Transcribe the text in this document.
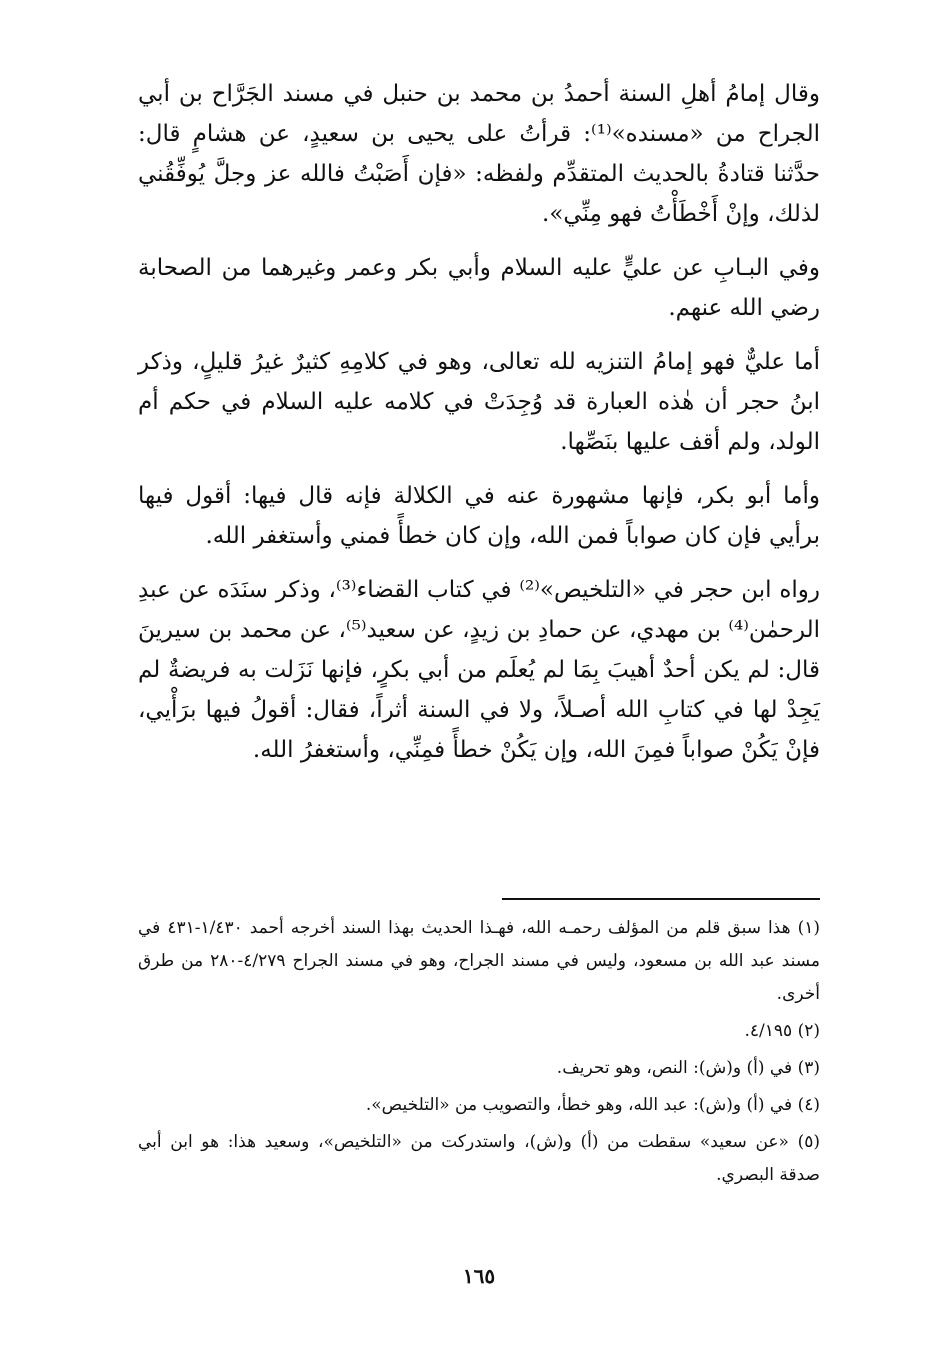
وقال إمامُ أهلِ السنة أحمدُ بن محمد بن حنبل في مسند الجَرَّاح بن أبي الجراح من «مسنده»⁽¹⁾: قرأتُ على يحيى بن سعيدٍ، عن هشامٍ قال: حدَّثنا قتادةُ بالحديث المتقدِّم ولفظه: «فإن أَصَبْتُ فالله عز وجلَّ يُوفِّقُني لذلك، وإنْ أَخْطَأْتُ فهو مِنِّي».

وفي البـابِ عن عليٍّ عليه السلام وأبي بكر وعمر وغيرهما من الصحابة رضي الله عنهم.

أما عليٌّ فهو إمامُ التنزيه لله تعالى، وهو في كلامِهِ كثيرٌ غيرُ قليلٍ، وذكر ابنُ حجر أن هٰذه العبارة قد وُجِدَتْ في كلامه عليه السلام في حكم أم الولد، ولم أقف عليها بنَصِّها.

وأما أبو بكر، فإنها مشهورة عنه في الكلالة فإنه قال فيها: أقول فيها برأيي فإن كان صواباً فمن الله، وإن كان خطأً فمني وأستغفر الله.

رواه ابن حجر في «التلخيص»⁽²⁾ في كتاب القضاء⁽³⁾، وذكر سنَدَه عن عبدِ الرحمٰن⁽⁴⁾ بن مهدي، عن حمادِ بن زيدٍ، عن سعيد⁽⁵⁾، عن محمد بن سيرينَ قال: لم يكن أحدٌ أهيبَ بِمَا لم يُعلَم من أبي بكرٍ، فإنها نَزَلت به فريضةٌ لم يَجِدْ لها في كتابِ الله أصـلاً، ولا في السنة أثراً، فقال: أقولُ فيها برَأْيي، فإنْ يَكُنْ صواباً فمِنَ الله، وإن يَكُنْ خطأً فمِنِّي، وأستغفرُ الله.

(١) هذا سبق قلم من المؤلف رحمـه الله، فهـذا الحديث بهذا السند أخرجه أحمد ١/٤٣٠-٤٣١ في مسند عبد الله بن مسعود، وليس في مسند الجراح، وهو في مسند الجراح ٤/٢٧٩-٢٨٠ من طرق أخرى.

(٢) ٤/١٩٥.

(٣) في (أ) و(ش): النص، وهو تحريف.

(٤) في (أ) و(ش): عبد الله، وهو خطأ، والتصويب من «التلخيص».

(٥) «عن سعيد» سقطت من (أ) و(ش)، واستدركت من «التلخيص»، وسعيد هذا: هو ابن أبي صدقة البصري.

١٦٥
